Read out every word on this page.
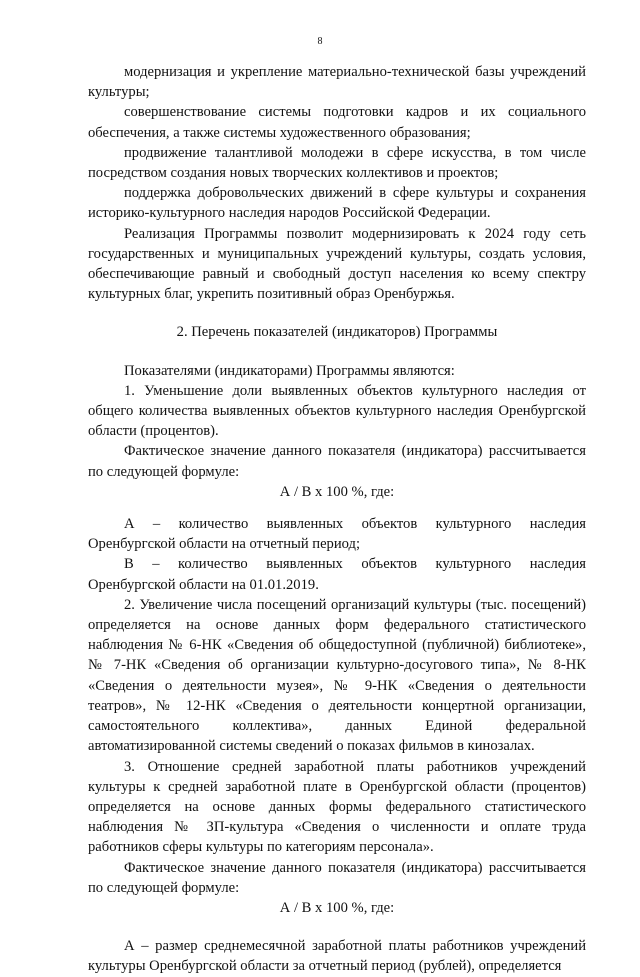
8

модернизация и укрепление материально-технической базы учреждений культуры;

совершенствование системы подготовки кадров и их социального обеспечения, а также системы художественного образования;

продвижение талантливой молодежи в сфере искусства, в том числе посредством создания новых творческих коллективов и проектов;

поддержка добровольческих движений в сфере культуры и сохранения историко-культурного наследия народов Российской Федерации.

Реализация Программы позволит модернизировать к 2024 году сеть государственных и муниципальных учреждений культуры, создать условия, обеспечивающие равный и свободный доступ населения ко всему спектру культурных благ, укрепить позитивный образ Оренбуржья.

2. Перечень показателей (индикаторов) Программы

Показателями (индикаторами) Программы являются:

1. Уменьшение доли выявленных объектов культурного наследия от общего количества выявленных объектов культурного наследия Оренбургской области (процентов).

Фактическое значение данного показателя (индикатора) рассчитывается по следующей формуле:

А / В х 100 %, где:

А – количество выявленных объектов культурного наследия Оренбургской области на отчетный период;

В – количество выявленных объектов культурного наследия Оренбургской области на 01.01.2019.

2. Увеличение числа посещений организаций культуры (тыс. посещений) определяется на основе данных форм федерального статистического наблюдения № 6-НК «Сведения об общедоступной (публичной) библиотеке», № 7-НК «Сведения об организации культурно-досугового типа», № 8-НК «Сведения о деятельности музея», № 9-НК «Сведения о деятельности театров», № 12-НК «Сведения о деятельности концертной организации, самостоятельного коллектива», данных Единой федеральной автоматизированной системы сведений о показах фильмов в кинозалах.

3. Отношение средней заработной платы работников учреждений культуры к средней заработной плате в Оренбургской области (процентов) определяется на основе данных формы федерального статистического наблюдения № ЗП-культура «Сведения о численности и оплате труда работников сферы культуры по категориям персонала».

Фактическое значение данного показателя (индикатора) рассчитывается по следующей формуле:

А / В х 100 %, где:

А – размер среднемесячной заработной платы работников учреждений культуры Оренбургской области за отчетный период (рублей), определяется
